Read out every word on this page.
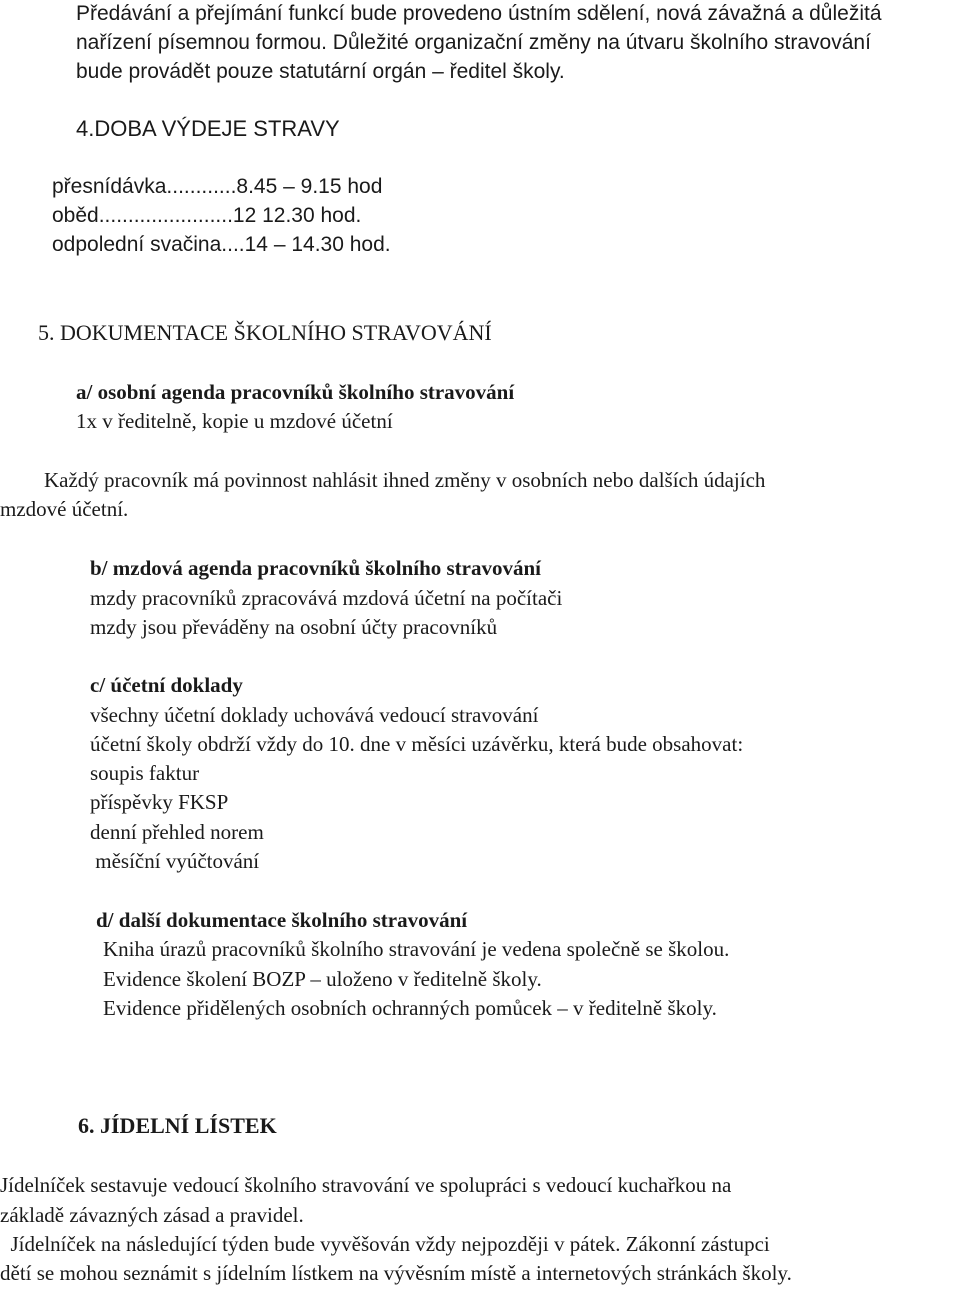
Předávání a přejímání funkcí bude provedeno ústním sdělení, nová závažná a důležitá

nařízení písemnou formou. Důležité organizační změny na útvaru školního stravování

bude provádět pouze statutární orgán – ředitel školy.

4.DOBA VÝDEJE STRAVY

přesnídávka............8.45 – 9.15 hod

oběd.......................12 12.30 hod.

odpolední svačina....14 – 14.30 hod.

5. DOKUMENTACE ŠKOLNÍHO STRAVOVÁNÍ

a/ osobní agenda pracovníků školního stravování

1x v ředitelně, kopie u mzdové účetní

Každý pracovník má povinnost nahlásit ihned změny v osobních nebo dalších údajích

mzdové účetní.

b/ mzdová agenda pracovníků školního stravování

mzdy pracovníků zpracovává mzdová účetní na počítači

mzdy jsou převáděny na osobní účty pracovníků

c/ účetní doklady

všechny účetní doklady uchovává vedoucí stravování

účetní školy obdrží vždy do 10. dne v měsíci uzávěrku, která bude obsahovat:

soupis faktur

příspěvky FKSP

denní přehled norem

měsíční vyúčtování

d/ další dokumentace školního stravování

Kniha úrazů pracovníků školního stravování je vedena společně se školou.

Evidence školení BOZP – uloženo v ředitelně školy.

Evidence přidělených osobních ochranných pomůcek – v ředitelně školy.

6. JÍDELNÍ LÍSTEK

Jídelníček sestavuje vedoucí školního stravování ve spolupráci s vedoucí kuchařkou na

základě závazných zásad a pravidel.

Jídelníček na následující týden bude vyvěšován vždy nejpozději v pátek. Zákonní zástupci

dětí se mohou seznámit s jídelním lístkem na vývěsním místě a internetových stránkách školy.
